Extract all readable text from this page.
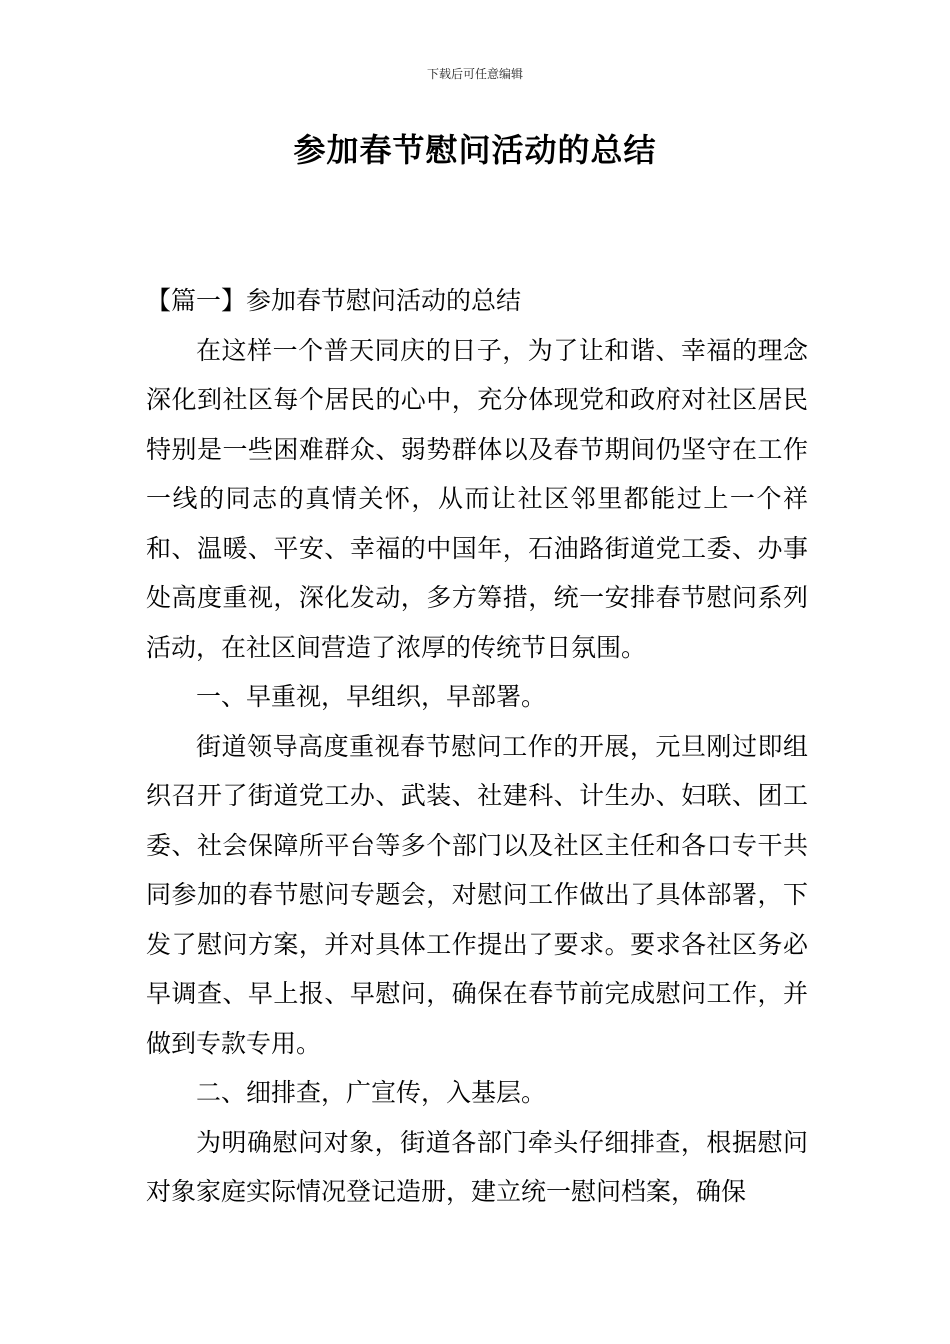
下载后可任意编辑
参加春节慰问活动的总结

【篇一】参加春节慰问活动的总结

在这样一个普天同庆的日子，为了让和谐、幸福的理念深化到社区每个居民的心中，充分体现党和政府对社区居民特别是一些困难群众、弱势群体以及春节期间仍坚守在工作一线的同志的真情关怀，从而让社区邻里都能过上一个祥和、温暖、平安、幸福的中国年，石油路街道党工委、办事处高度重视，深化发动，多方筹措，统一安排春节慰问系列活动，在社区间营造了浓厚的传统节日氛围。

一、早重视，早组织，早部署。

街道领导高度重视春节慰问工作的开展，元旦刚过即组织召开了街道党工办、武装、社建科、计生办、妇联、团工委、社会保障所平台等多个部门以及社区主任和各口专干共同参加的春节慰问专题会，对慰问工作做出了具体部署，下发了慰问方案，并对具体工作提出了要求。要求各社区务必早调查、早上报、早慰问，确保在春节前完成慰问工作，并做到专款专用。

二、细排查，广宣传，入基层。

为明确慰问对象，街道各部门牵头仔细排查，根据慰问对象家庭实际情况登记造册，建立统一慰问档案，确保
